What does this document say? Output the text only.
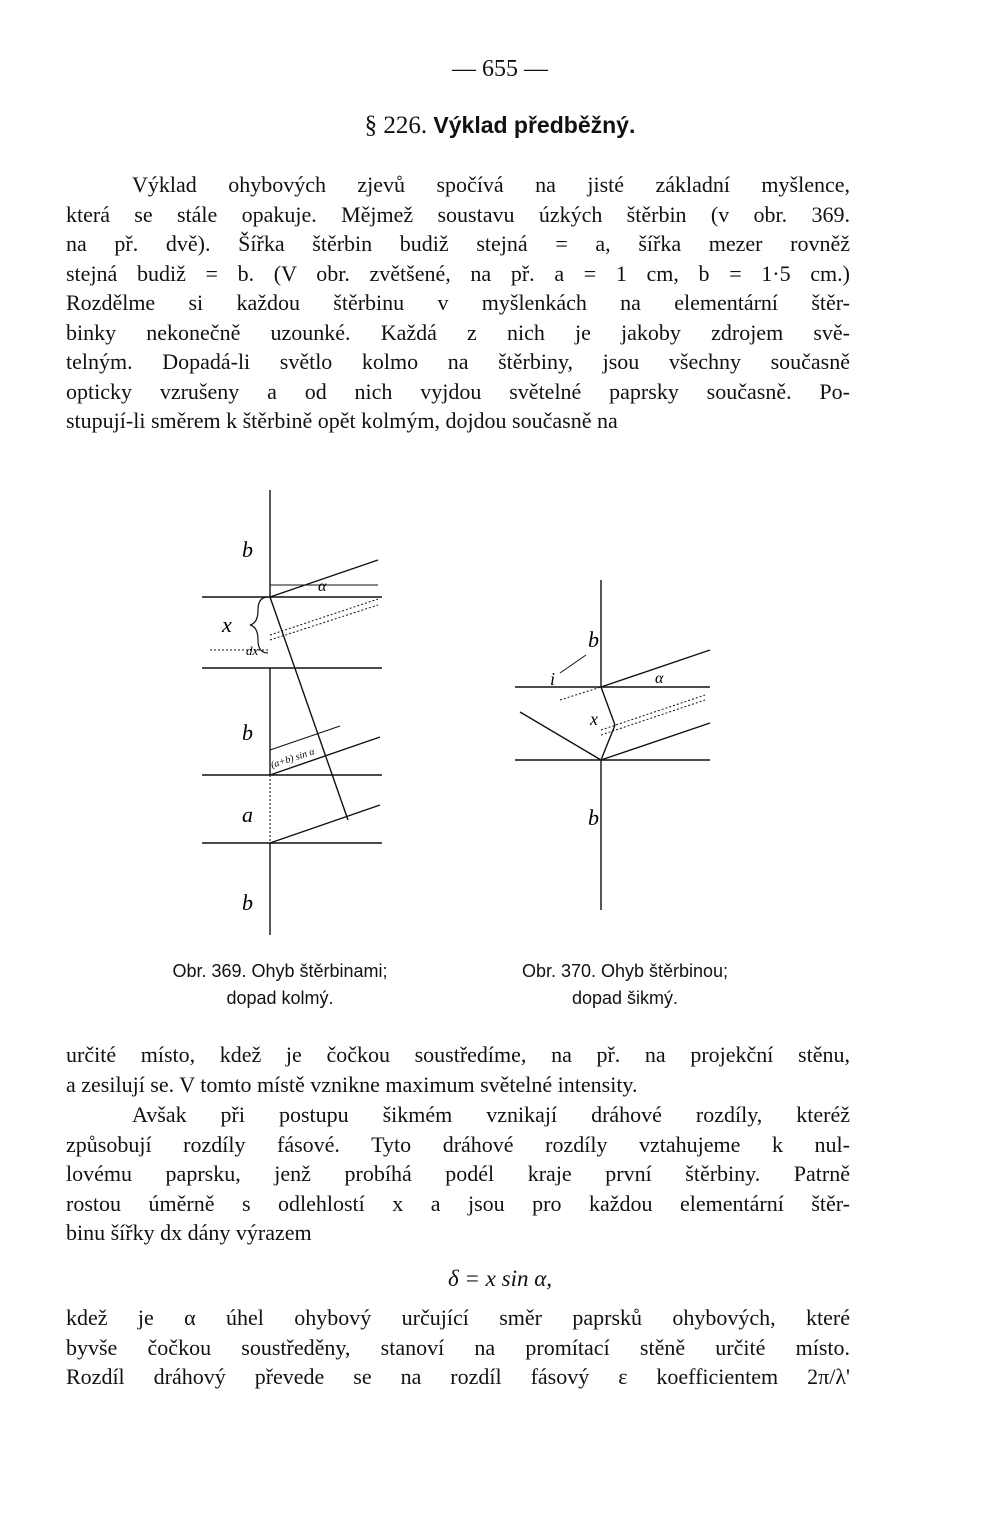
— 655 —
§ 226. Výklad předběžný.
Výklad ohybových zjevů spočívá na jisté základní myšlence,
která se stále opakuje. Mějmež soustavu úzkých štěrbin (v obr. 369.
na př. dvě). Šířka štěrbin budiž stejná = a, šířka mezer rovněž
stejná budiž = b. (V obr. zvětšené, na př. a = 1 cm, b = 1·5 cm.)
Rozdělme si každou štěrbinu v myšlenkách na elementární štěr-
binky nekonečně uzounké. Každá z nich je jakoby zdrojem svě-
telným. Dopadá-li světlo kolmo na štěrbiny, jsou všechny současně
opticky vzrušeny a od nich vyjdou světelné paprsky současně. Po-
stupují-li směrem k štěrbině opět kolmým, dojdou současně na
b
x
dx
α
b
(a+b) sin α
a
b
b
i	α
x
b
Obr. 369. Ohyb štěrbinami;
dopad kolmý.
Obr. 370. Ohyb štěrbinou;
dopad šikmý.
určité místo, kdež je čočkou soustředíme, na př. na projekční stěnu,
a zesilují se. V tomto místě vznikne maximum světelné intensity.
Avšak při postupu šikmém vznikají dráhové rozdíly, kteréž
způsobují rozdíly fásové. Tyto dráhové rozdíly vztahujeme k nul-
lovému paprsku, jenž probíhá podél kraje první štěrbiny. Patrně
rostou úměrně s odlehlostí x a jsou pro každou elementární štěr-
binu šířky dx dány výrazem
δ = x sin α,
kdež je α úhel ohybový určující směr paprsků ohybových, které
byvše čočkou soustředěny, stanoví na promítací stěně určité místo.
Rozdíl dráhový převede se na rozdíl fásový ε koefficientem 2π/λ'
